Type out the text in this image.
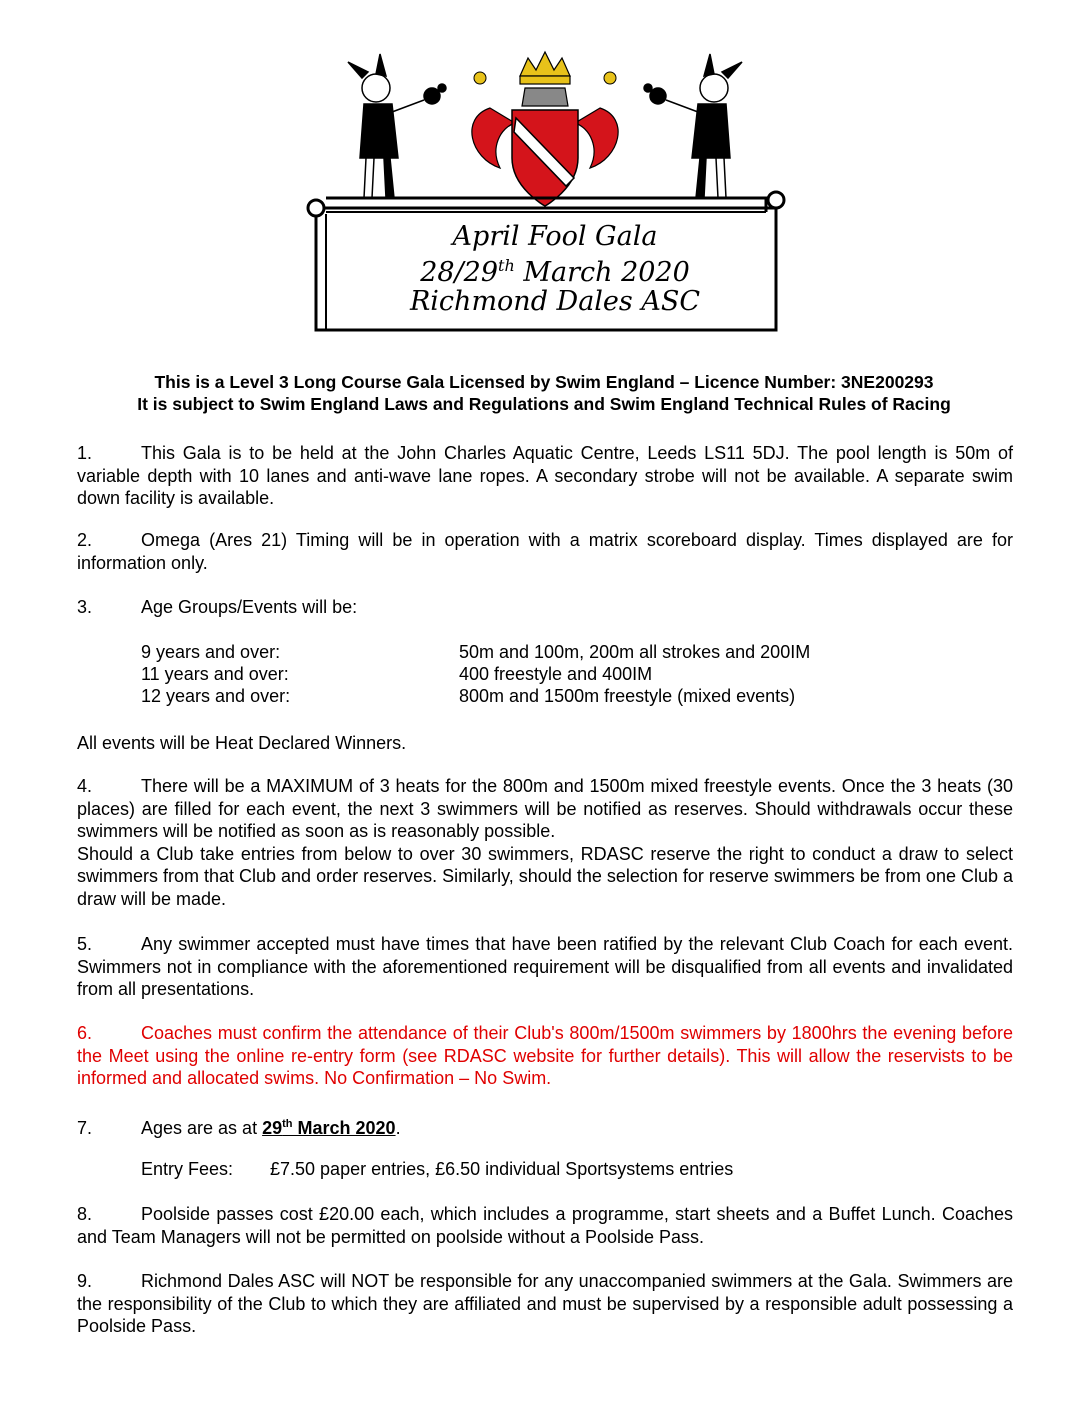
April Fool Gala
28/29th March 2020
Richmond Dales ASC
This is a Level 3 Long Course Gala Licensed by Swim England – Licence Number: 3NE200293
It is subject to Swim England Laws and Regulations and Swim England Technical Rules of Racing
1.	This Gala is to be held at the John Charles Aquatic Centre, Leeds LS11 5DJ. The pool length is 50m of variable depth with 10 lanes and anti-wave lane ropes. A secondary strobe will not be available. A separate swim down facility is available.
2.	Omega (Ares 21) Timing will be in operation with a matrix scoreboard display. Times displayed are for information only.
3.	Age Groups/Events will be:
9 years and over:	50m and 100m, 200m all strokes and 200IM
11 years and over:	400 freestyle and 400IM
12 years and over:	800m and 1500m freestyle (mixed events)
All events will be Heat Declared Winners.
4.	There will be a MAXIMUM of 3 heats for the 800m and 1500m mixed freestyle events. Once the 3 heats (30 places) are filled for each event, the next 3 swimmers will be notified as reserves. Should withdrawals occur these swimmers will be notified as soon as is reasonably possible.
Should a Club take entries from below to over 30 swimmers, RDASC reserve the right to conduct a draw to select swimmers from that Club and order reserves. Similarly, should the selection for reserve swimmers be from one Club a draw will be made.
5.	Any swimmer accepted must have times that have been ratified by the relevant Club Coach for each event. Swimmers not in compliance with the aforementioned requirement will be disqualified from all events and invalidated from all presentations.
6.	Coaches must confirm the attendance of their Club's 800m/1500m swimmers by 1800hrs the evening before the Meet using the online re-entry form (see RDASC website for further details). This will allow the reservists to be informed and allocated swims. No Confirmation – No Swim.
7.	Ages are as at 29th March 2020.
Entry Fees: £7.50 paper entries, £6.50 individual Sportsystems entries
8.	Poolside passes cost £20.00 each, which includes a programme, start sheets and a Buffet Lunch. Coaches and Team Managers will not be permitted on poolside without a Poolside Pass.
9.	Richmond Dales ASC will NOT be responsible for any unaccompanied swimmers at the Gala. Swimmers are the responsibility of the Club to which they are affiliated and must be supervised by a responsible adult possessing a Poolside Pass.
